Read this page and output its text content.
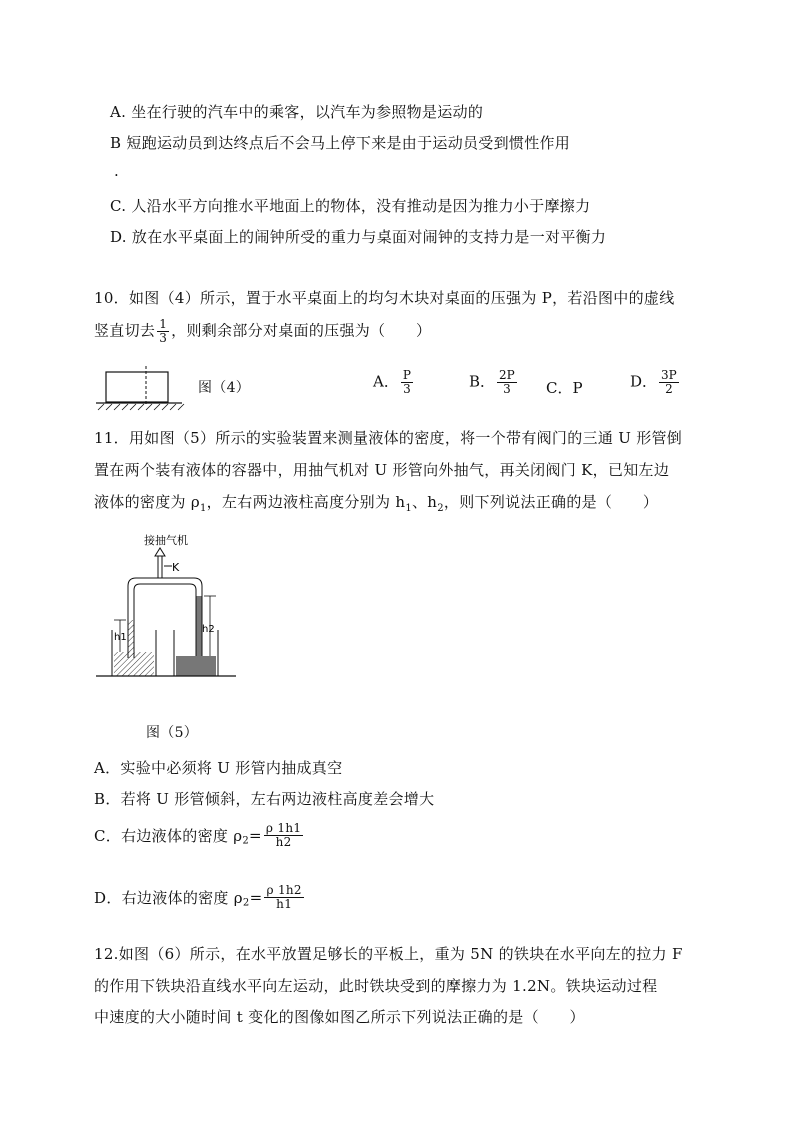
A. 坐在行驶的汽车中的乘客，以汽车为参照物是运动的
B 短跑运动员到达终点后不会马上停下来是由于运动员受到惯性作用
.
C. 人沿水平方向推水平地面上的物体，没有推动是因为推力小于摩擦力
D. 放在水平桌面上的闹钟所受的重力与桌面对闹钟的支持力是一对平衡力
10．如图（4）所示，置于水平桌面上的均匀木块对桌面的压强为 P，若沿图中的虚线
竖直切去 $\frac{1}{3}$ ，则剩余部分对桌面的压强为（　　）
图（4）	A． $\frac{P}{3}$	B． $\frac{2P}{3}$ C．P	D． $\frac{3P}{2}$
11．用如图（5）所示的实验装置来测量液体的密度，将一个带有阀门的三通 U 形管倒
置在两个装有液体的容器中，用抽气机对 U 形管向外抽气，再关闭阀门 K，已知左边
液体的密度为 $\rho_1$，左右两边液柱高度分别为 $h_1$、$h_2$，则下列说法正确的是（　　）
接抽气机
K
h1
h2
图（5）
A．实验中必须将 U 形管内抽成真空
B．若将 U 形管倾斜，左右两边液柱高度差会增大
C．右边液体的密度 $\rho_2= \frac{\rho 1h1}{h2}$
D．右边液体的密度 $\rho_2= \frac{\rho 1h2}{h1}$
12.如图（6）所示，在水平放置足够长的平板上，重为 5N 的铁块在水平向左的拉力 F
的作用下铁块沿直线水平向左运动，此时铁块受到的摩擦力为 1.2N。铁块运动过程
中速度的大小随时间 t 变化的图像如图乙所示下列说法正确的是（　　）
